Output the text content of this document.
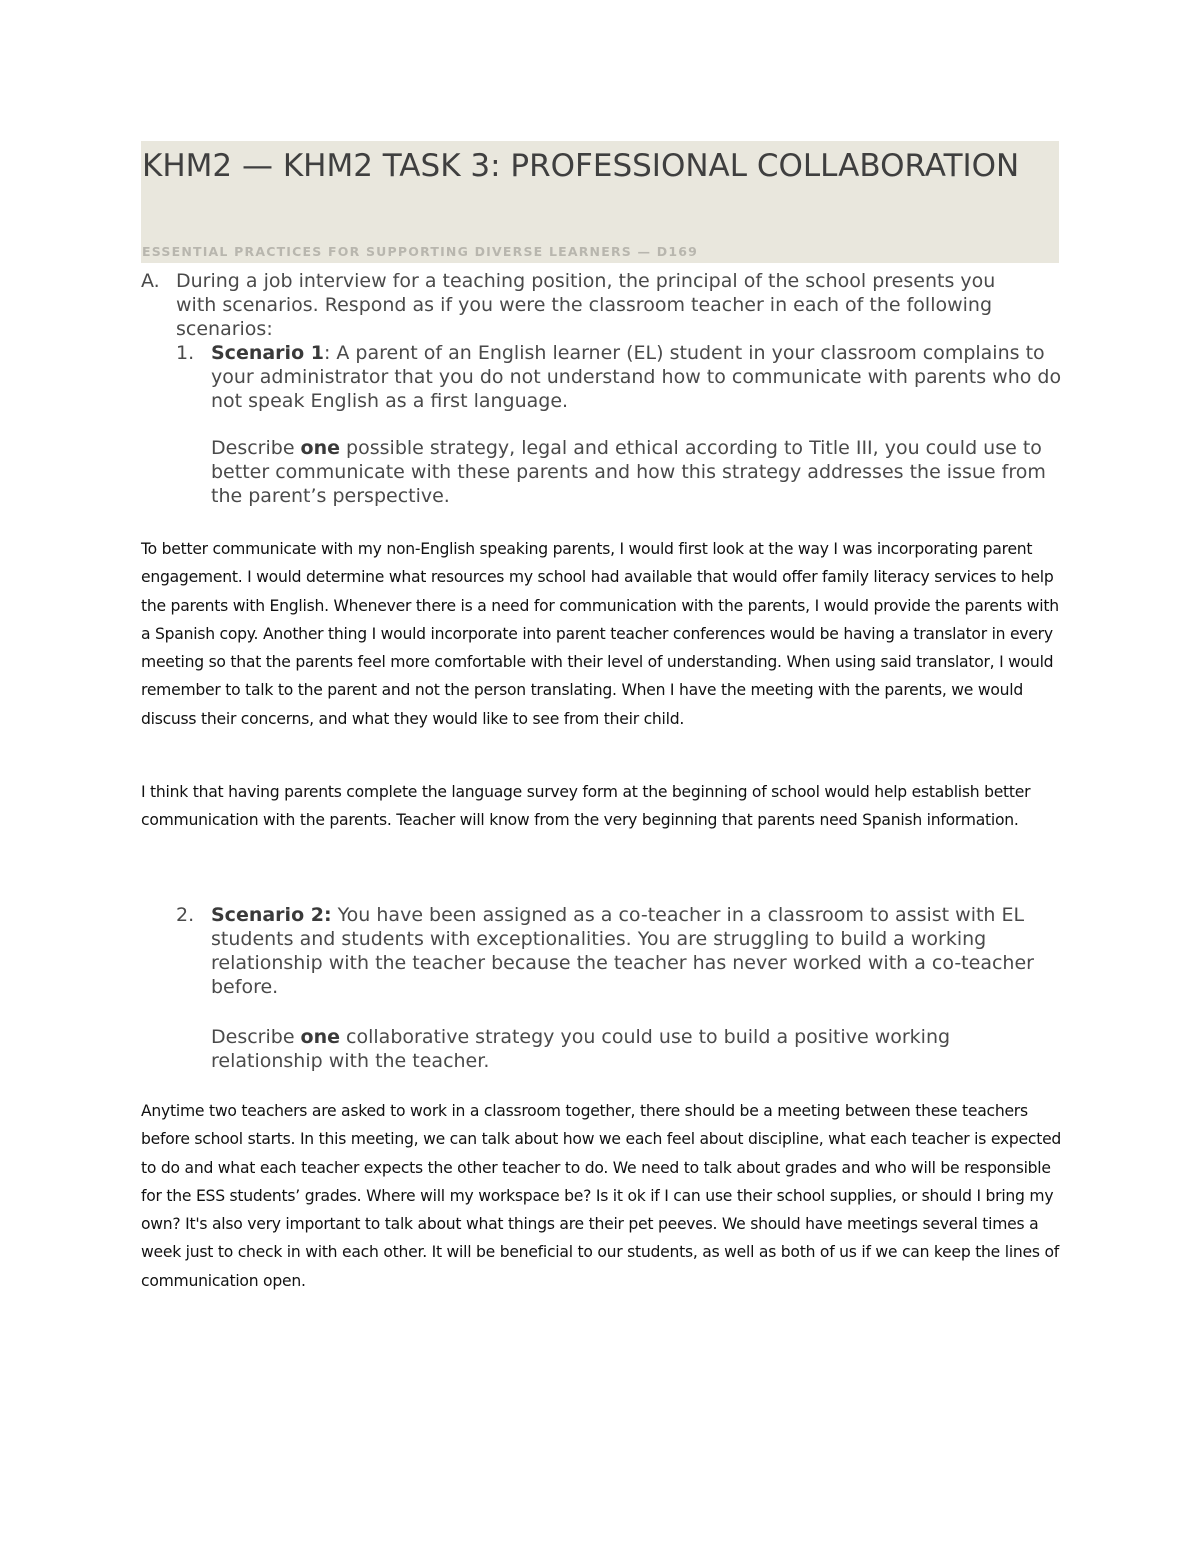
KHM2 — KHM2 TASK 3: PROFESSIONAL COLLABORATION

ESSENTIAL PRACTICES FOR SUPPORTING DIVERSE LEARNERS — D169

A. During a job interview for a teaching position, the principal of the school presents you with scenarios. Respond as if you were the classroom teacher in each of the following scenarios:
1. Scenario 1: A parent of an English learner (EL) student in your classroom complains to your administrator that you do not understand how to communicate with parents who do not speak English as a first language.
Describe one possible strategy, legal and ethical according to Title III, you could use to better communicate with these parents and how this strategy addresses the issue from the parent’s perspective.

To better communicate with my non-English speaking parents, I would first look at the way I was incorporating parent engagement. I would determine what resources my school had available that would offer family literacy services to help the parents with English. Whenever there is a need for communication with the parents, I would provide the parents with a Spanish copy. Another thing I would incorporate into parent teacher conferences would be having a translator in every meeting so that the parents feel more comfortable with their level of understanding. When using said translator, I would remember to talk to the parent and not the person translating. When I have the meeting with the parents, we would discuss their concerns, and what they would like to see from their child.

I think that having parents complete the language survey form at the beginning of school would help establish better communication with the parents. Teacher will know from the very beginning that parents need Spanish information.

2. Scenario 2: You have been assigned as a co-teacher in a classroom to assist with EL students and students with exceptionalities. You are struggling to build a working relationship with the teacher because the teacher has never worked with a co-teacher before.
Describe one collaborative strategy you could use to build a positive working relationship with the teacher.

Anytime two teachers are asked to work in a classroom together, there should be a meeting between these teachers before school starts. In this meeting, we can talk about how we each feel about discipline, what each teacher is expected to do and what each teacher expects the other teacher to do. We need to talk about grades and who will be responsible for the ESS students’ grades. Where will my workspace be? Is it ok if I can use their school supplies, or should I bring my own? It's also very important to talk about what things are their pet peeves. We should have meetings several times a week just to check in with each other. It will be beneficial to our students, as well as both of us if we can keep the lines of communication open.
